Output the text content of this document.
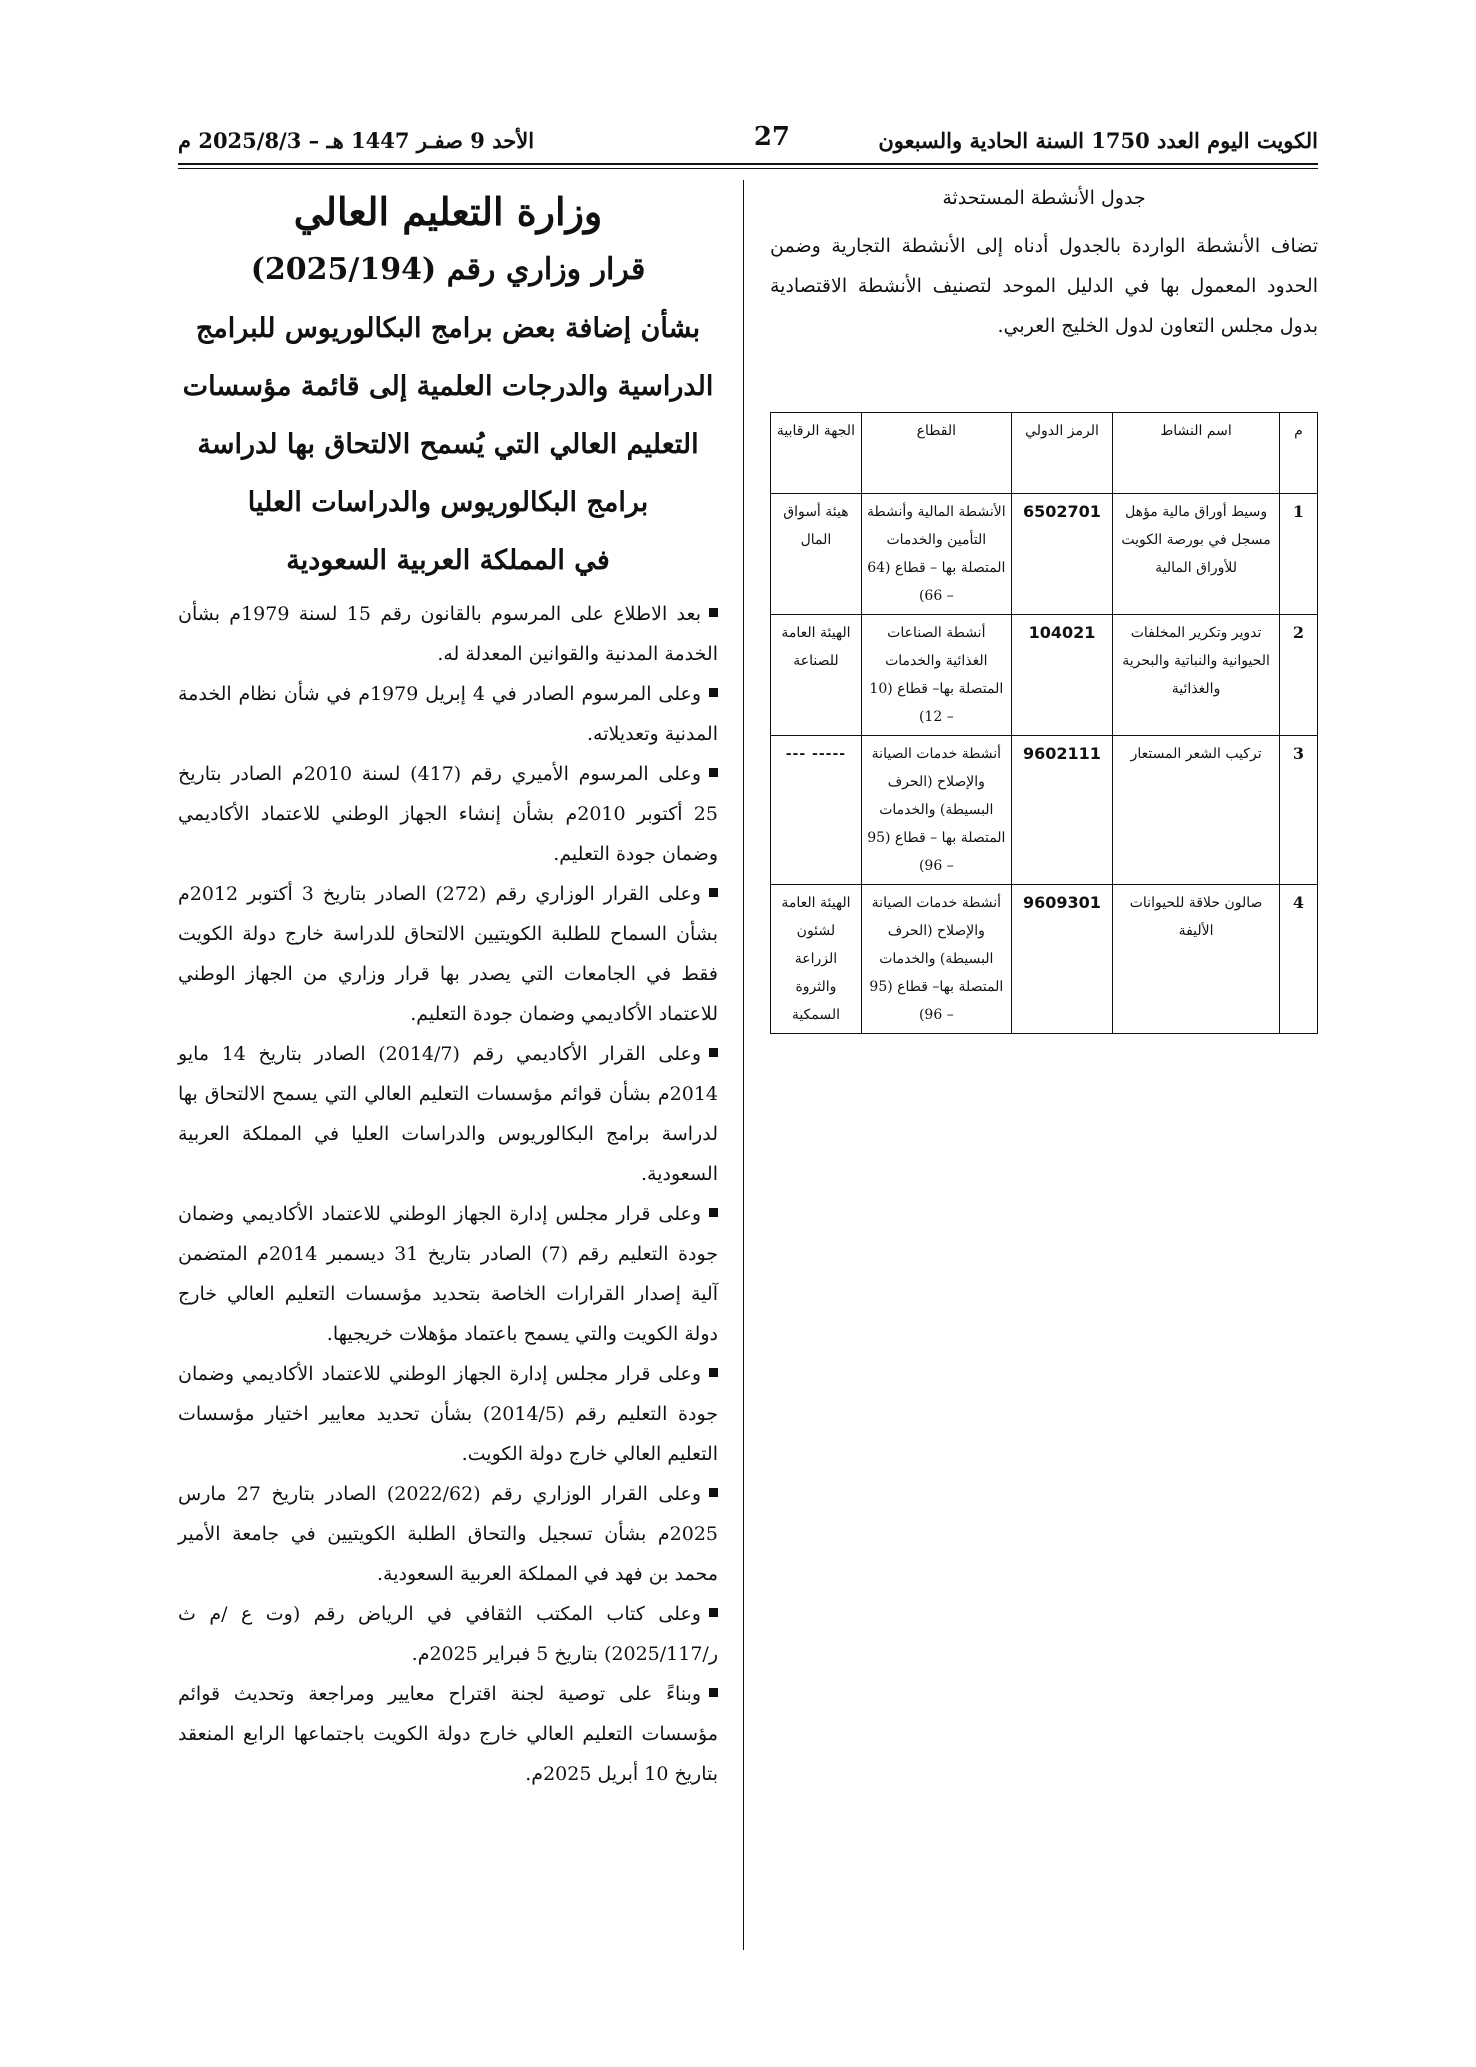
الكويت اليوم العدد 1750 السنة الحادية والسبعون
27
الأحد 9 صفـر 1447 هـ – 2025/8/3 م
جدول الأنشطة المستحدثة

تضاف الأنشطة الواردة بالجدول أدناه إلى الأنشطة التجارية وضمن الحدود المعمول بها في الدليل الموحد لتصنيف الأنشطة الاقتصادية بدول مجلس التعاون لدول الخليج العربي.

م	اسم النشاط	الرمز الدولي	القطاع	الجهة الرقابية
1	وسيط أوراق مالية مؤهل مسجل في بورصة الكويت للأوراق المالية	6502701	الأنشطة المالية وأنشطة التأمين والخدمات المتصلة بها – قطاع (64 – 66)	هيئة أسواق المال
2	تدوير وتكرير المخلفات الحيوانية والنباتية والبحرية والغذائية	104021	أنشطة الصناعات الغذائية والخدمات المتصلة بها– قطاع (10 – 12)	الهيئة العامة للصناعة
3	تركيب الشعر المستعار	9602111	أنشطة خدمات الصيانة والإصلاح (الحرف البسيطة) والخدمات المتصلة بها – قطاع (95 – 96)	----- ---
4	صالون حلاقة للحيوانات الأليفة	9609301	أنشطة خدمات الصيانة والإصلاح (الحرف البسيطة) والخدمات المتصلة بها– قطاع (95 – 96)	الهيئة العامة لشئون الزراعة والثروة السمكية
وزارة التعليم العالي
قرار وزاري رقم (2025/194)
بشأن إضافة بعض برامج البكالوريوس للبرامج الدراسية والدرجات العلمية إلى قائمة مؤسسات التعليم العالي التي يُسمح الالتحاق بها لدراسة برامج البكالوريوس والدراسات العليا
في المملكة العربية السعودية
بعد الاطلاع على المرسوم بالقانون رقم 15 لسنة 1979م بشأن الخدمة المدنية والقوانين المعدلة له.
وعلى المرسوم الصادر في 4 إبريل 1979م في شأن نظام الخدمة المدنية وتعديلاته.
وعلى المرسوم الأميري رقم (417) لسنة 2010م الصادر بتاريخ 25 أكتوبر 2010م بشأن إنشاء الجهاز الوطني للاعتماد الأكاديمي وضمان جودة التعليم.
وعلى القرار الوزاري رقم (272) الصادر بتاريخ 3 أكتوبر 2012م بشأن السماح للطلبة الكويتيين الالتحاق للدراسة خارج دولة الكويت فقط في الجامعات التي يصدر بها قرار وزاري من الجهاز الوطني للاعتماد الأكاديمي وضمان جودة التعليم.
وعلى القرار الأكاديمي رقم (2014/7) الصادر بتاريخ 14 مايو 2014م بشأن قوائم مؤسسات التعليم العالي التي يسمح الالتحاق بها لدراسة برامج البكالوريوس والدراسات العليا في المملكة العربية السعودية.
وعلى قرار مجلس إدارة الجهاز الوطني للاعتماد الأكاديمي وضمان جودة التعليم رقم (7) الصادر بتاريخ 31 ديسمبر 2014م المتضمن آلية إصدار القرارات الخاصة بتحديد مؤسسات التعليم العالي خارج دولة الكويت والتي يسمح باعتماد مؤهلات خريجيها.
وعلى قرار مجلس إدارة الجهاز الوطني للاعتماد الأكاديمي وضمان جودة التعليم رقم (2014/5) بشأن تحديد معايير اختيار مؤسسات التعليم العالي خارج دولة الكويت.
وعلى القرار الوزاري رقم (2022/62) الصادر بتاريخ 27 مارس 2025م بشأن تسجيل والتحاق الطلبة الكويتيين في جامعة الأمير محمد بن فهد في المملكة العربية السعودية.
وعلى كتاب المكتب الثقافي في الرياض رقم (وت ع /م ث ر/2025/117) بتاريخ 5 فبراير 2025م.
وبناءً على توصية لجنة اقتراح معايير ومراجعة وتحديث قوائم مؤسسات التعليم العالي خارج دولة الكويت باجتماعها الرابع المنعقد بتاريخ 10 أبريل 2025م.
